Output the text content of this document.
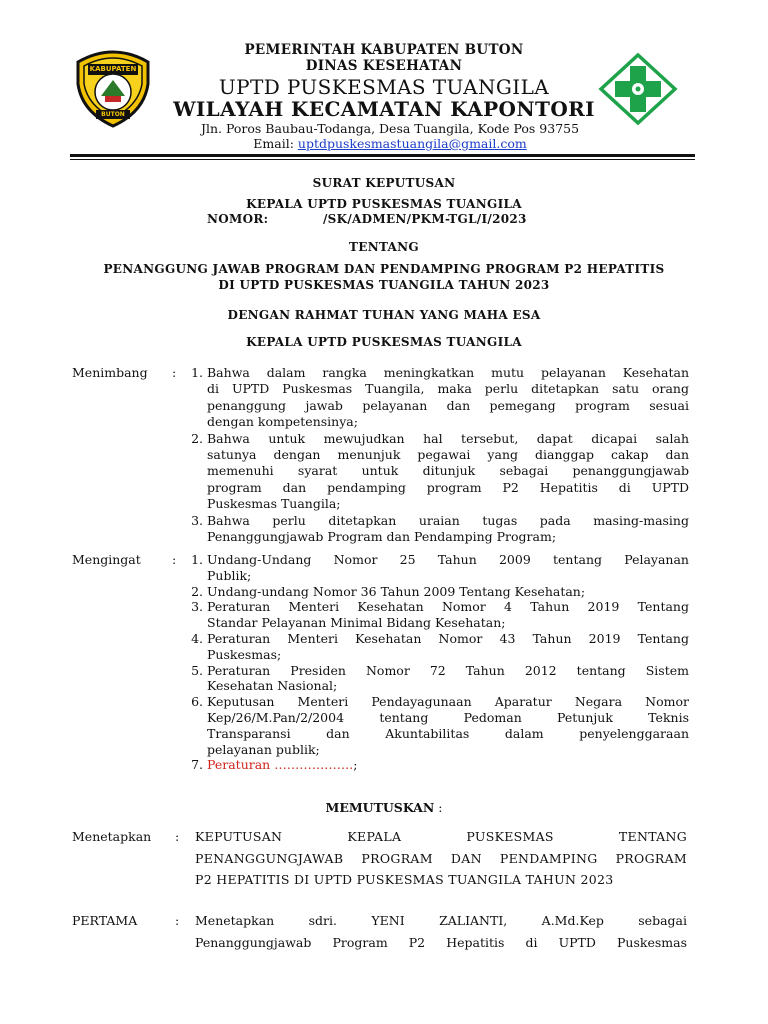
KABUPATEN
BUTON
PEMERINTAH KABUPATEN BUTON
DINAS KESEHATAN
UPTD PUSKESMAS TUANGILA
WILAYAH KECAMATAN KAPONTORI
Jln. Poros Baubau-Todanga, Desa Tuangila, Kode Pos 93755
Email: uptdpuskesmastuangila@gmail.com
SURAT KEPUTUSAN
KEPALA UPTD PUSKESMAS TUANGILA
NOMOR:	/SK/ADMEN/PKM-TGL/I/2023
TENTANG
PENANGGUNG JAWAB PROGRAM DAN PENDAMPING PROGRAM P2 HEPATITIS
DI UPTD PUSKESMAS TUANGILA TAHUN 2023
DENGAN RAHMAT TUHAN YANG MAHA ESA
KEPALA UPTD PUSKESMAS TUANGILA
Menimbang :	1. Bahwa dalam rangka meningkatkan mutu pelayanan Kesehatan
di UPTD Puskesmas Tuangila, maka perlu ditetapkan satu orang
penanggung jawab pelayanan dan pemegang program sesuai
dengan kompetensinya;
2. Bahwa untuk mewujudkan hal tersebut, dapat dicapai salah
satunya dengan menunjuk pegawai yang dianggap cakap dan
memenuhi syarat untuk ditunjuk sebagai penanggungjawab
program dan pendamping program P2 Hepatitis di UPTD
Puskesmas Tuangila;
3. Bahwa perlu ditetapkan uraian tugas pada masing-masing
Penanggungjawab Program dan Pendamping Program;
Mengingat :	1. Undang-Undang Nomor 25 Tahun 2009 tentang Pelayanan
Publik;
2. Undang-undang Nomor 36 Tahun 2009 Tentang Kesehatan;
3. Peraturan Menteri Kesehatan Nomor 4 Tahun 2019 Tentang
Standar Pelayanan Minimal Bidang Kesehatan;
4. Peraturan Menteri Kesehatan Nomor 43 Tahun 2019 Tentang
Puskesmas;
5. Peraturan Presiden Nomor 72 Tahun 2012 tentang Sistem
Kesehatan Nasional;
6. Keputusan Menteri Pendayagunaan Aparatur Negara Nomor
Kep/26/M.Pan/2/2004 tentang Pedoman Petunjuk Teknis
Transparansi dan Akuntabilitas dalam penyelenggaraan
pelayanan publik;
7. Peraturan ……………….;
MEMUTUSKAN :
Menetapkan : KEPUTUSAN KEPALA PUSKESMAS TENTANG
PENANGGUNGJAWAB PROGRAM DAN PENDAMPING PROGRAM
P2 HEPATITIS DI UPTD PUSKESMAS TUANGILA TAHUN 2023
PERTAMA	: Menetapkan sdri. YENI ZALIANTI, A.Md.Kep sebagai
Penanggungjawab Program P2 Hepatitis di UPTD Puskesmas
